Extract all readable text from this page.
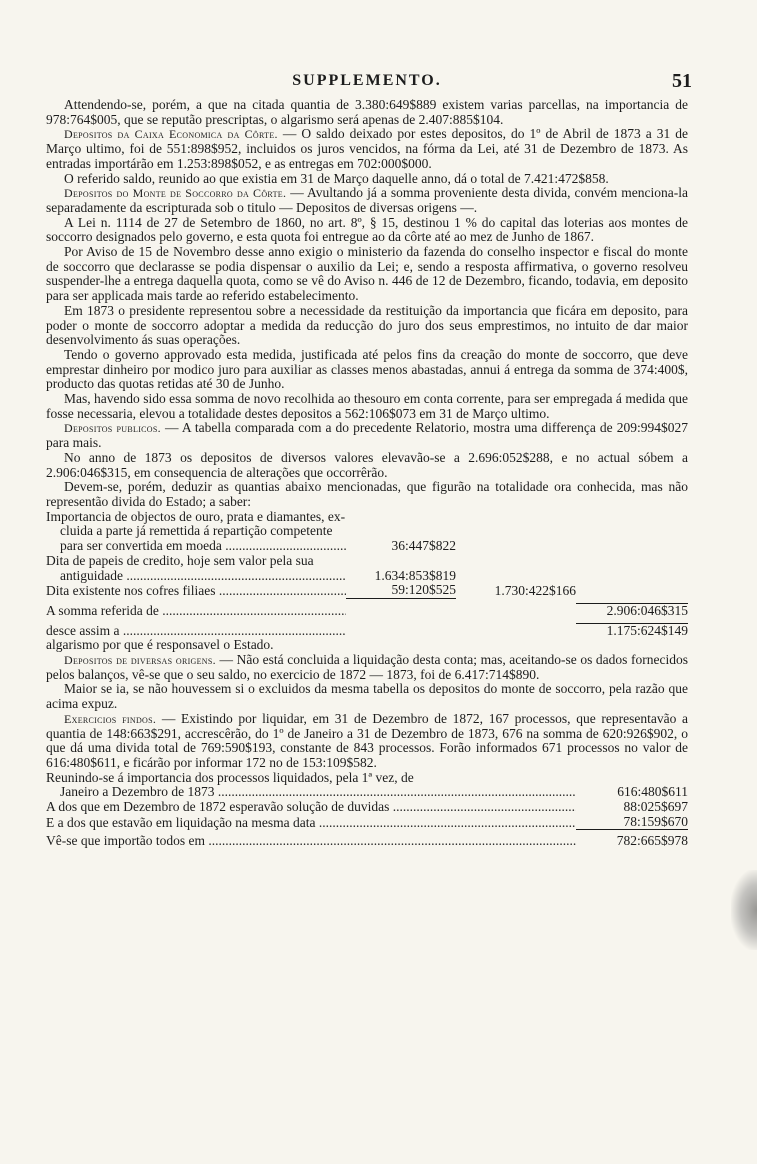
SUPPLEMENTO.	51

Attendendo-se, porém, a que na citada quantia de 3.380:649$889 existem varias parcellas, na importancia de 978:764$005, que se reputão prescriptas, o algarismo será apenas de 2.407:885$104.

Depositos da Caixa Economica da Côrte. — O saldo deixado por estes depositos, do 1º de Abril de 1873 a 31 de Março ultimo, foi de 551:898$952, incluidos os juros vencidos, na fórma da Lei, até 31 de Dezembro de 1873. As entradas importárão em 1.253:898$052, e as entregas em 702:000$000.

O referido saldo, reunido ao que existia em 31 de Março daquelle anno, dá o total de 7.421:472$858.

Depositos do Monte de Soccorro da Côrte. — Avultando já a somma proveniente desta divida, convém menciona-la separadamente da escripturada sob o titulo — Depositos de diversas origens —.

A Lei n. 1114 de 27 de Setembro de 1860, no art. 8º, § 15, destinou 1 % do capital das loterias aos montes de soccorro designados pelo governo, e esta quota foi entregue ao da côrte até ao mez de Junho de 1867.

Por Aviso de 15 de Novembro desse anno exigio o ministerio da fazenda do conselho inspector e fiscal do monte de soccorro que declarasse se podia dispensar o auxilio da Lei; e, sendo a resposta affirmativa, o governo resolveu suspender-lhe a entrega daquella quota, como se vê do Aviso n. 446 de 12 de Dezembro, ficando, todavia, em deposito para ser applicada mais tarde ao referido estabelecimento.

Em 1873 o presidente representou sobre a necessidade da restituição da importancia que ficára em deposito, para poder o monte de soccorro adoptar a medida da reducção do juro dos seus emprestimos, no intuito de dar maior desenvolvimento ás suas operações.

Tendo o governo approvado esta medida, justificada até pelos fins da creação do monte de soccorro, que deve emprestar dinheiro por modico juro para auxiliar as classes menos abastadas, annui á entrega da somma de 374:400$, producto das quotas retidas até 30 de Junho.

Mas, havendo sido essa somma de novo recolhida ao thesouro em conta corrente, para ser empregada á medida que fosse necessaria, elevou a totalidade destes depositos a 562:106$073 em 31 de Março ultimo.

Depositos publicos. — A tabella comparada com a do precedente Relatorio, mostra uma differença de 209:994$027 para mais.

No anno de 1873 os depositos de diversos valores elevavão-se a 2.696:052$288, e no actual sóbem a 2.906:046$315, em consequencia de alterações que occorrêrão.

Devem-se, porém, deduzir as quantias abaixo mencionadas, que figurão na totalidade ora conhecida, mas não representão divida do Estado; a saber:

Importancia de objectos de ouro, prata e diamantes, ex-
cluida a parte já remettida á repartição competente
para ser convertida em moeda .....	36:447$822
Dita de papeis de credito, hoje sem valor pela sua
antiguidade .....	1.634:853$819
Dita existente nos cofres filiaes .....	59:120$525	1.730:422$166
A somma referida de .....	2.906:046$315
desce assim a .....	1.175:624$149

algarismo por que é responsavel o Estado.

Depositos de diversas origens. — Não está concluida a liquidação desta conta; mas, aceitando-se os dados fornecidos pelos balanços, vê-se que o seu saldo, no exercicio de 1872 — 1873, foi de 6.417:714$890.

Maior se ia, se não houvessem si o excluidos da mesma tabella os depositos do monte de soccorro, pela razão que acima expuz.

Exercicios findos. — Existindo por liquidar, em 31 de Dezembro de 1872, 167 processos, que representavão a quantia de 148:663$291, accrescêrão, do 1º de Janeiro a 31 de Dezembro de 1873, 676 na somma de 620:926$902, o que dá uma divida total de 769:590$193, constante de 843 processos. Forão informados 671 processos no valor de 616:480$611, e ficárão por informar 172 no de 153:109$582.

Reunindo-se á importancia dos processos liquidados, pela 1ª vez, de
Janeiro a Dezembro de 1873 .....	616:480$611
A dos que em Dezembro de 1872 esperavão solução de duvidas .....	88:025$697
E a dos que estavão em liquidação na mesma data .....	78:159$670
Vê-se que importão todos em .....	782:665$978
